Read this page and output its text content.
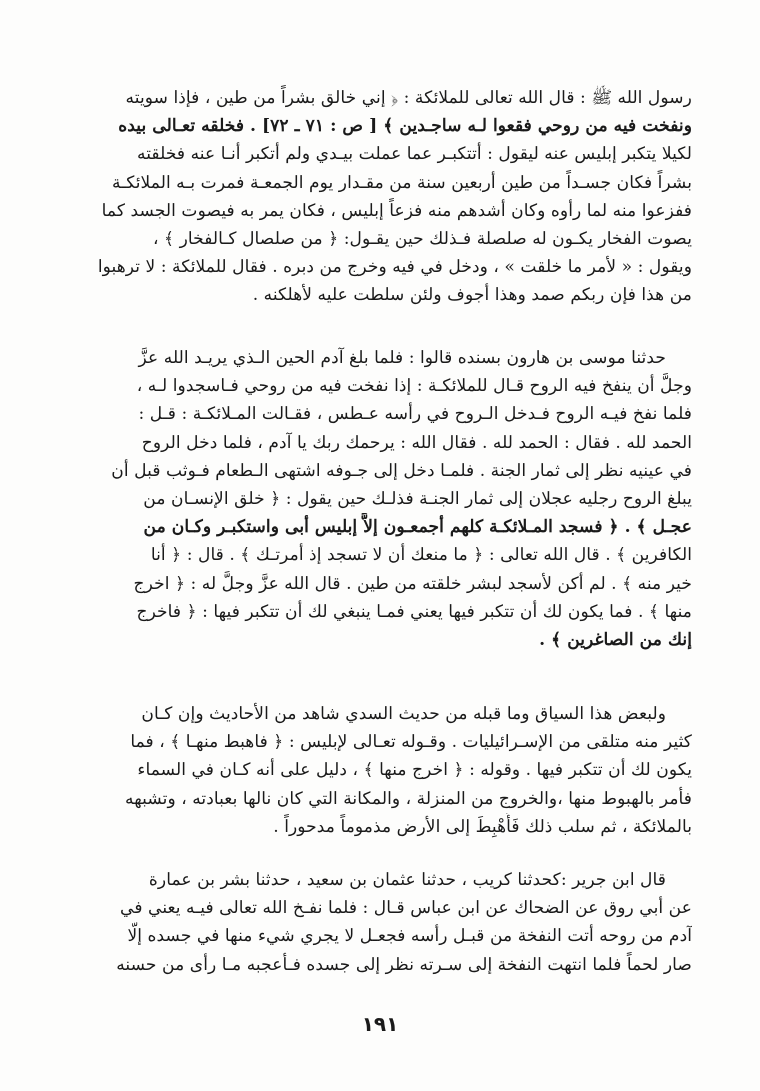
رسول الله ﷺ : قال الله تعالى للملائكة : ﴿ إني خالق بشراً من طين ، فإذا سويته
ونفخت فيه من روحي فقعوا لـه ساجـدين ﴾ [ ص : ٧١ ـ ٧٢] . فخلقه تعـالى بيده
لكيلا يتكبر إبليس عنه ليقول : أتتكبـر عما عملت بيـدي ولم أتكبر أنـا عنه فخلقته
بشراً فكان جسـداً من طين أربعين سنة من مقـدار يوم الجمعـة فمرت بـه الملائكـة
ففزعوا منه لما رأوه وكان أشدهم منه فزعاً إبليس ، فكان يمر به فيصوت الجسد كما
يصوت الفخار يكـون له صلصلة فـذلك حين يقـول: ﴿ من صلصال كـالفخار ﴾ ،
ويقول : « لأمر ما خلقت » ، ودخل في فيه وخرج من دبره . فقال للملائكة : لا ترهبوا
من هذا فإن ربكم صمد وهذا أجوف ولئن سلطت عليه لأهلكنه .

حدثنا موسى بن هارون بسنده قالوا : فلما بلغ آدم الحين الـذي يريـد الله عزَّ
وجلَّ أن ينفخ فيه الروح قـال للملائكـة : إذا نفخت فيه من روحي فـاسجدوا لـه ،
فلما نفخ فيـه الروح فـدخل الـروح في رأسه عـطس ، فقـالت المـلائكـة : قـل :
الحمد لله . فقال : الحمد لله . فقال الله : يرحمك ربك يا آدم ، فلما دخل الروح
في عينيه نظر إلى ثمار الجنة . فلمـا دخل إلى جـوفه اشتهى الـطعام فـوثب قبل أن
يبلغ الروح رجليه عجلان إلى ثمار الجنـة فذلـك حين يقول : ﴿ خلق الإنسـان من
عجـل ﴾ . ﴿ فسجد المـلائكـة كلهم أجمعـون إلاَّ إبليس أبى واستكبـر وكـان من
الكافرين ﴾ . قال الله تعالى : ﴿ ما منعك أن لا تسجد إذ أمرتـك ﴾ . قال : ﴿ أنا
خير منه ﴾ . لم أكن لأسجد لبشر خلقته من طين . قال الله عزَّ وجلَّ له : ﴿ اخرج
منها ﴾ . فما يكون لك أن تتكبر فيها يعني فمـا ينبغي لك أن تتكبر فيها : ﴿ فاخرج
إنك من الصاغرين ﴾ .

ولبعض هذا السياق وما قبله من حديث السدي شاهد من الأحاديث وإن كـان
كثير منه متلقى من الإسـرائيليات . وقـوله تعـالى لإبليس : ﴿ فاهبط منهـا ﴾ ، فما
يكون لك أن تتكبر فيها . وقوله : ﴿ اخرج منها ﴾ ، دليل على أنه كـان في السماء
فأمر بالهبوط منها ،والخروج من المنزلة ، والمكانة التي كان نالها بعبادته ، وتشبهه
بالملائكة ، ثم سلب ذلك فَأُهْبِطَ إلى الأرض مذموماً مدحوراً .

قال ابن جرير :كحدثنا كريب ، حدثنا عثمان بن سعيد ، حدثنا بشر بن عمارة
عن أبي روق عن الضحاك عن ابن عباس قـال : فلما نفـخ الله تعالى فيـه يعني في
آدم من روحه أتت النفخة من قبـل رأسه فجعـل لا يجري شيء منها في جسده إلّا
صار لحماً فلما انتهت النفخة إلى سـرته نظر إلى جسده فـأعجبه مـا رأى من حسنه

١٩١
